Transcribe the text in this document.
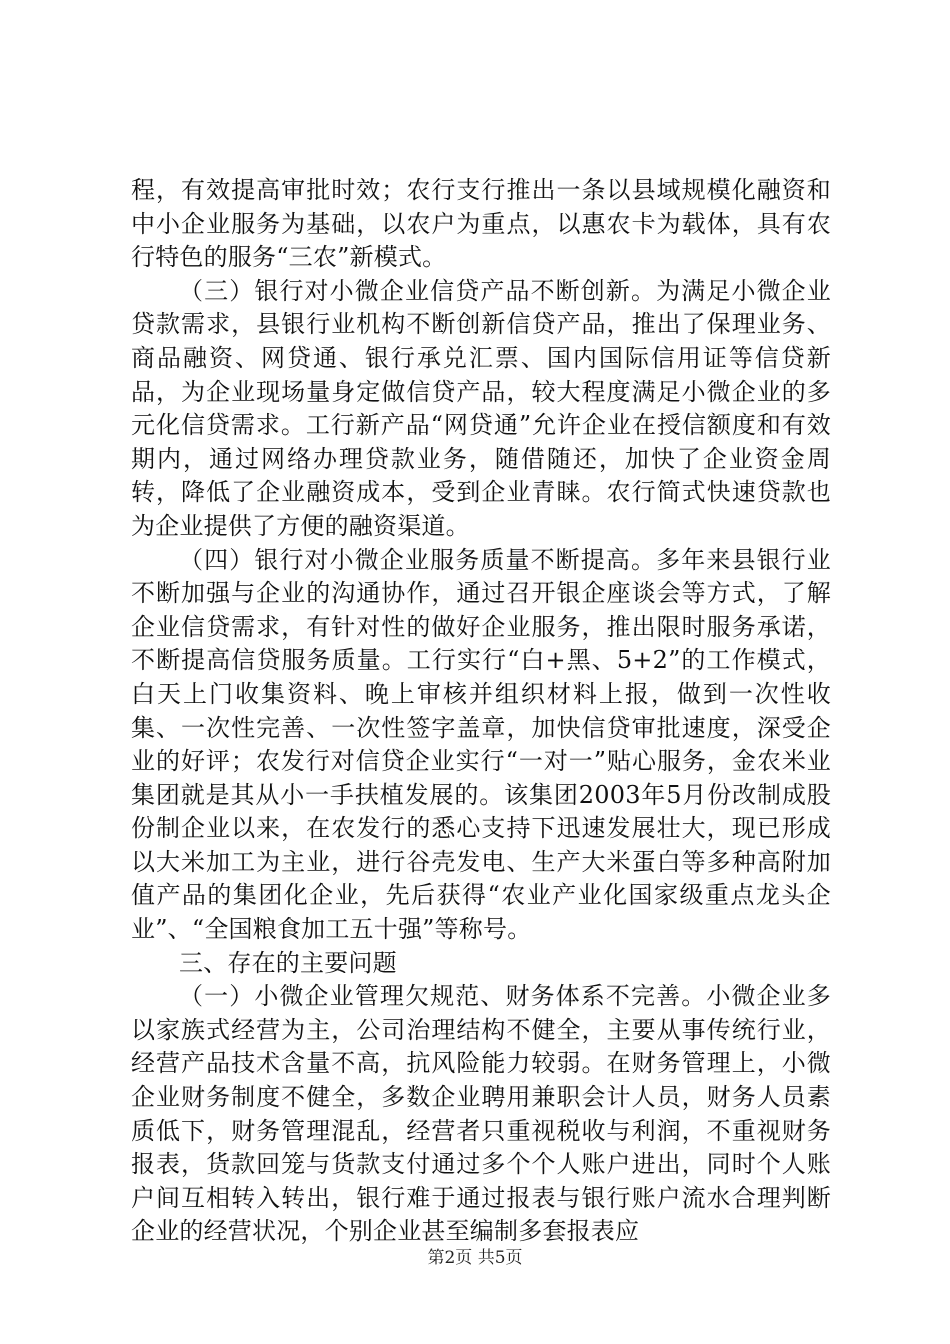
程，有效提高审批时效；农行支行推出一条以县域规模化融资和中小企业服务为基础，以农户为重点，以惠农卡为载体，具有农行特色的服务“三农”新模式。

（三）银行对小微企业信贷产品不断创新。为满足小微企业贷款需求，县银行业机构不断创新信贷产品，推出了保理业务、商品融资、网贷通、银行承兑汇票、国内国际信用证等信贷新品，为企业现场量身定做信贷产品，较大程度满足小微企业的多元化信贷需求。工行新产品“网贷通”允许企业在授信额度和有效期内，通过网络办理贷款业务，随借随还，加快了企业资金周转，降低了企业融资成本，受到企业青睐。农行简式快速贷款也为企业提供了方便的融资渠道。

（四）银行对小微企业服务质量不断提高。多年来县银行业不断加强与企业的沟通协作，通过召开银企座谈会等方式，了解企业信贷需求，有针对性的做好企业服务，推出限时服务承诺，不断提高信贷服务质量。工行实行“白+黑、5+2”的工作模式，白天上门收集资料、晚上审核并组织材料上报，做到一次性收集、一次性完善、一次性签字盖章，加快信贷审批速度，深受企业的好评；农发行对信贷企业实行“一对一”贴心服务，金农米业集团就是其从小一手扶植发展的。该集团2003年5月份改制成股份制企业以来，在农发行的悉心支持下迅速发展壮大，现已形成以大米加工为主业，进行谷壳发电、生产大米蛋白等多种高附加值产品的集团化企业，先后获得“农业产业化国家级重点龙头企业”、“全国粮食加工五十强”等称号。

三、存在的主要问题

（一）小微企业管理欠规范、财务体系不完善。小微企业多以家族式经营为主，公司治理结构不健全，主要从事传统行业，经营产品技术含量不高，抗风险能力较弱。在财务管理上，小微企业财务制度不健全，多数企业聘用兼职会计人员，财务人员素质低下，财务管理混乱，经营者只重视税收与利润，不重视财务报表，货款回笼与货款支付通过多个个人账户进出，同时个人账户间互相转入转出，银行难于通过报表与银行账户流水合理判断企业的经营状况，个别企业甚至编制多套报表应

第2页 共5页
